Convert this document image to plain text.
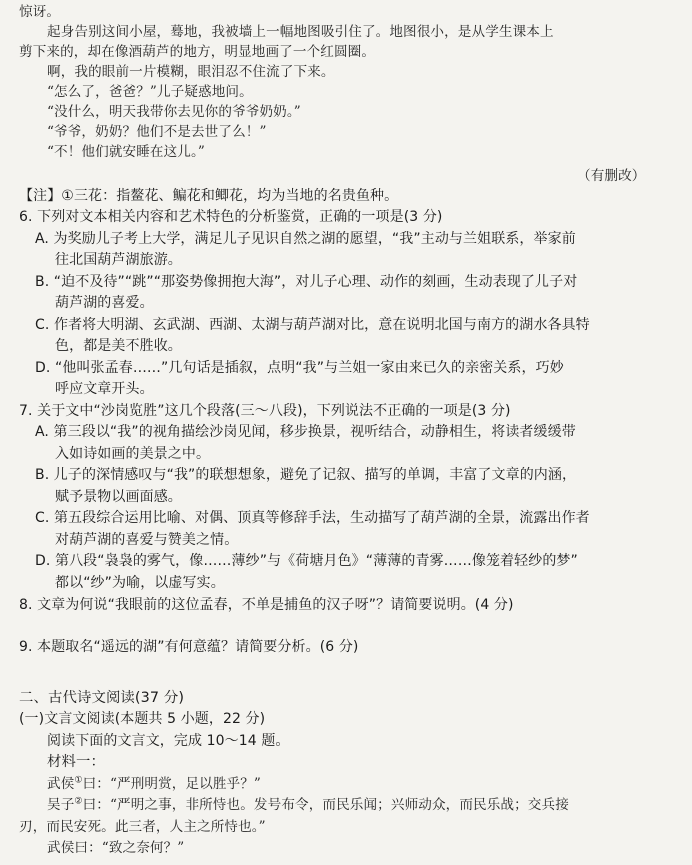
惊讶。
起身告别这间小屋，蓦地，我被墙上一幅地图吸引住了。地图很小，是从学生课本上
剪下来的，却在像酒葫芦的地方，明显地画了一个红圆圈。
啊，我的眼前一片模糊，眼泪忍不住流了下来。
“怎么了，爸爸？”儿子疑惑地问。
“没什么，明天我带你去见你的爷爷奶奶。”
“爷爷，奶奶？他们不是去世了么！”
“不！他们就安睡在这儿。”
（有删改）
【注】①三花：指鳌花、鳊花和鲫花，均为当地的名贵鱼种。
6. 下列对文本相关内容和艺术特色的分析鉴赏，正确的一项是(3 分)
A. 为奖励儿子考上大学，满足儿子见识自然之湖的愿望，“我”主动与兰姐联系，举家前
往北国葫芦湖旅游。
B. “迫不及待”“跳”“那姿势像拥抱大海”，对儿子心理、动作的刻画，生动表现了儿子对
葫芦湖的喜爱。
C. 作者将大明湖、玄武湖、西湖、太湖与葫芦湖对比，意在说明北国与南方的湖水各具特
色，都是美不胜收。
D. “他叫张孟春……”几句话是插叙，点明“我”与兰姐一家由来已久的亲密关系，巧妙
呼应文章开头。
7. 关于文中“沙岗览胜”这几个段落(三～八段)，下列说法不正确的一项是(3 分)
A. 第三段以“我”的视角描绘沙岗见闻，移步换景，视听结合，动静相生，将读者缓缓带
入如诗如画的美景之中。
B. 儿子的深情感叹与“我”的联想想象，避免了记叙、描写的单调，丰富了文章的内涵，
赋予景物以画面感。
C. 第五段综合运用比喻、对偶、顶真等修辞手法，生动描写了葫芦湖的全景，流露出作者
对葫芦湖的喜爱与赞美之情。
D. 第八段“袅袅的雾气，像……薄纱”与《荷塘月色》“薄薄的青雾……像笼着轻纱的梦”
都以“纱”为喻，以虚写实。
8. 文章为何说“我眼前的这位孟春，不单是捕鱼的汉子呀”？请简要说明。(4 分)
9. 本题取名“遥远的湖”有何意蕴？请简要分析。(6 分)
二、古代诗文阅读(37 分)
(一)文言文阅读(本题共 5 小题，22 分)
阅读下面的文言文，完成 10～14 题。
材料一：
武侯①曰：“严刑明赏，足以胜乎？”
吴子②曰：“严明之事，非所恃也。发号布令，而民乐闻；兴师动众，而民乐战；交兵接
刃，而民安死。此三者，人主之所恃也。”
武侯曰：“致之奈何？”
